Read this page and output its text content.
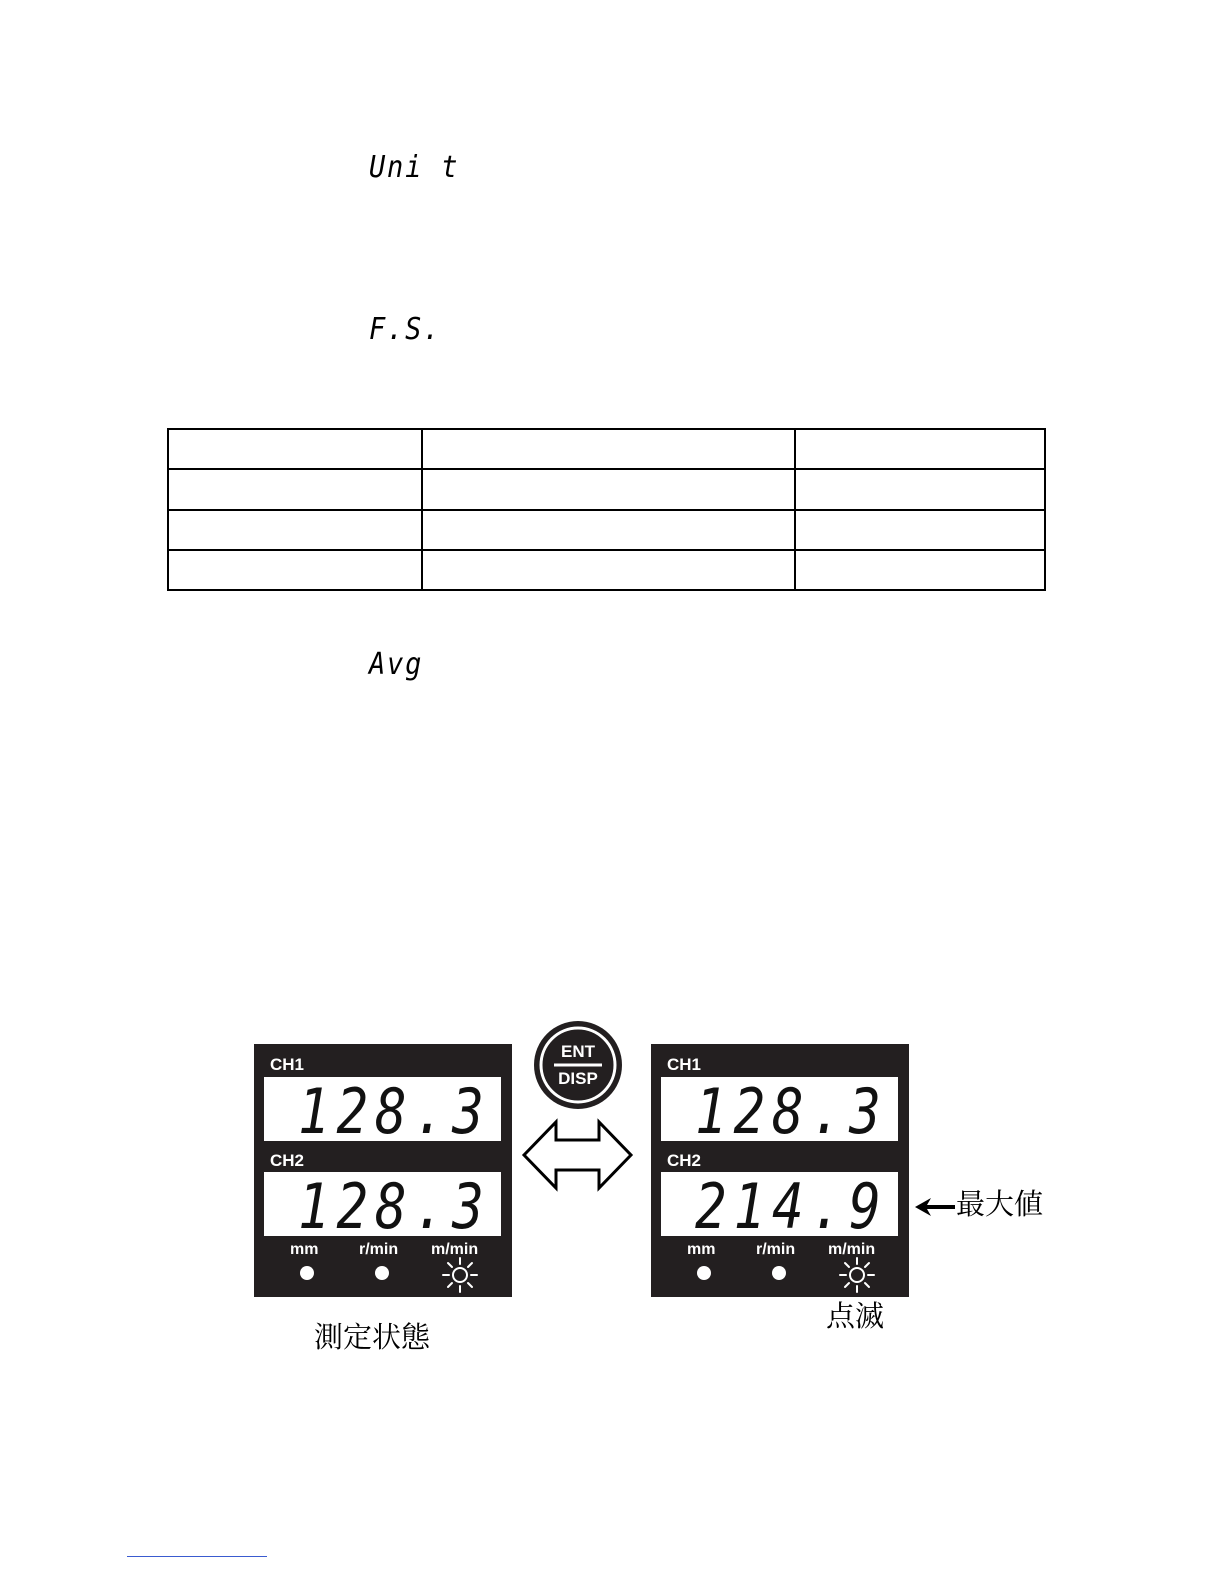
Uni t
F.S.

Avg
CH1
128.3
CH2
128.3
mm	r/min m/min
ENT
DISP
CH1
128.3
CH2
214.9
mm	r/min m/min
最大値
点滅
測定状態
